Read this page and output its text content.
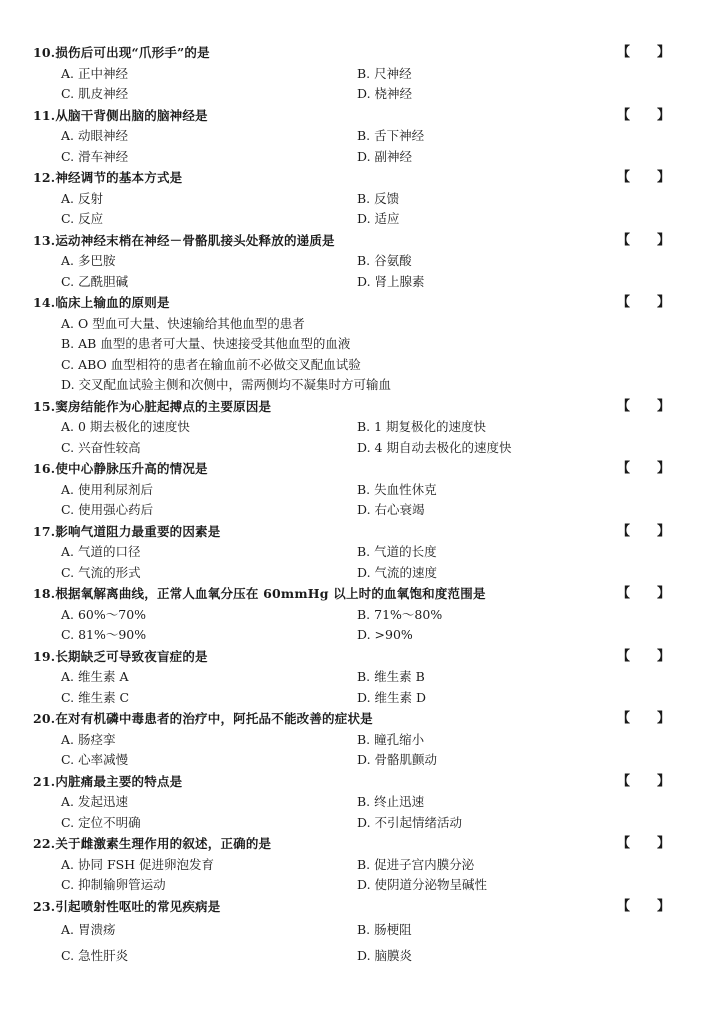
10.损伤后可出现“爪形手”的是	【 】
A. 正中神经	B. 尺神经
C. 肌皮神经	D. 桡神经
11.从脑干背侧出脑的脑神经是	【 】
A. 动眼神经	B. 舌下神经
C. 滑车神经	D. 副神经
12.神经调节的基本方式是	【 】
A. 反射	B. 反馈
C. 反应	D. 适应
13.运动神经末梢在神经－骨骼肌接头处释放的递质是	【 】
A. 多巴胺	B. 谷氨酸
C. 乙酰胆碱	D. 肾上腺素
14.临床上输血的原则是	【 】
A. O 型血可大量、快速输给其他血型的患者
B. AB 血型的患者可大量、快速接受其他血型的血液
C. ABO 血型相符的患者在输血前不必做交叉配血试验
D. 交叉配血试验主侧和次侧中，需两侧均不凝集时方可输血
15.窦房结能作为心脏起搏点的主要原因是	【 】
A. 0 期去极化的速度快	B. 1 期复极化的速度快
C. 兴奋性较高	D. 4 期自动去极化的速度快
16.使中心静脉压升高的情况是	【 】
A. 使用利尿剂后	B. 失血性休克
C. 使用强心药后	D. 右心衰竭
17.影响气道阻力最重要的因素是	【 】
A. 气道的口径	B. 气道的长度
C. 气流的形式	D. 气流的速度
18.根据氧解离曲线，正常人血氧分压在 60mmHg 以上时的血氧饱和度范围是	【 】
A. 60%～70%	B. 71%～80%
C. 81%～90%	D. >90%
19.长期缺乏可导致夜盲症的是	【 】
A. 维生素 A	B. 维生素 B
C. 维生素 C	D. 维生素 D
20.在对有机磷中毒患者的治疗中，阿托品不能改善的症状是	【 】
A. 肠痉挛	B. 瞳孔缩小
C. 心率减慢	D. 骨骼肌颤动
21.内脏痛最主要的特点是	【 】
A. 发起迅速	B. 终止迅速
C. 定位不明确	D. 不引起情绪活动
22.关于雌激素生理作用的叙述，正确的是	【 】
A. 协同 FSH 促进卵泡发育	B. 促进子宫内膜分泌
C. 抑制输卵管运动	D. 使阴道分泌物呈碱性
23.引起喷射性呕吐的常见疾病是	【 】
A. 胃溃疡	B. 肠梗阻
C. 急性肝炎	D. 脑膜炎
